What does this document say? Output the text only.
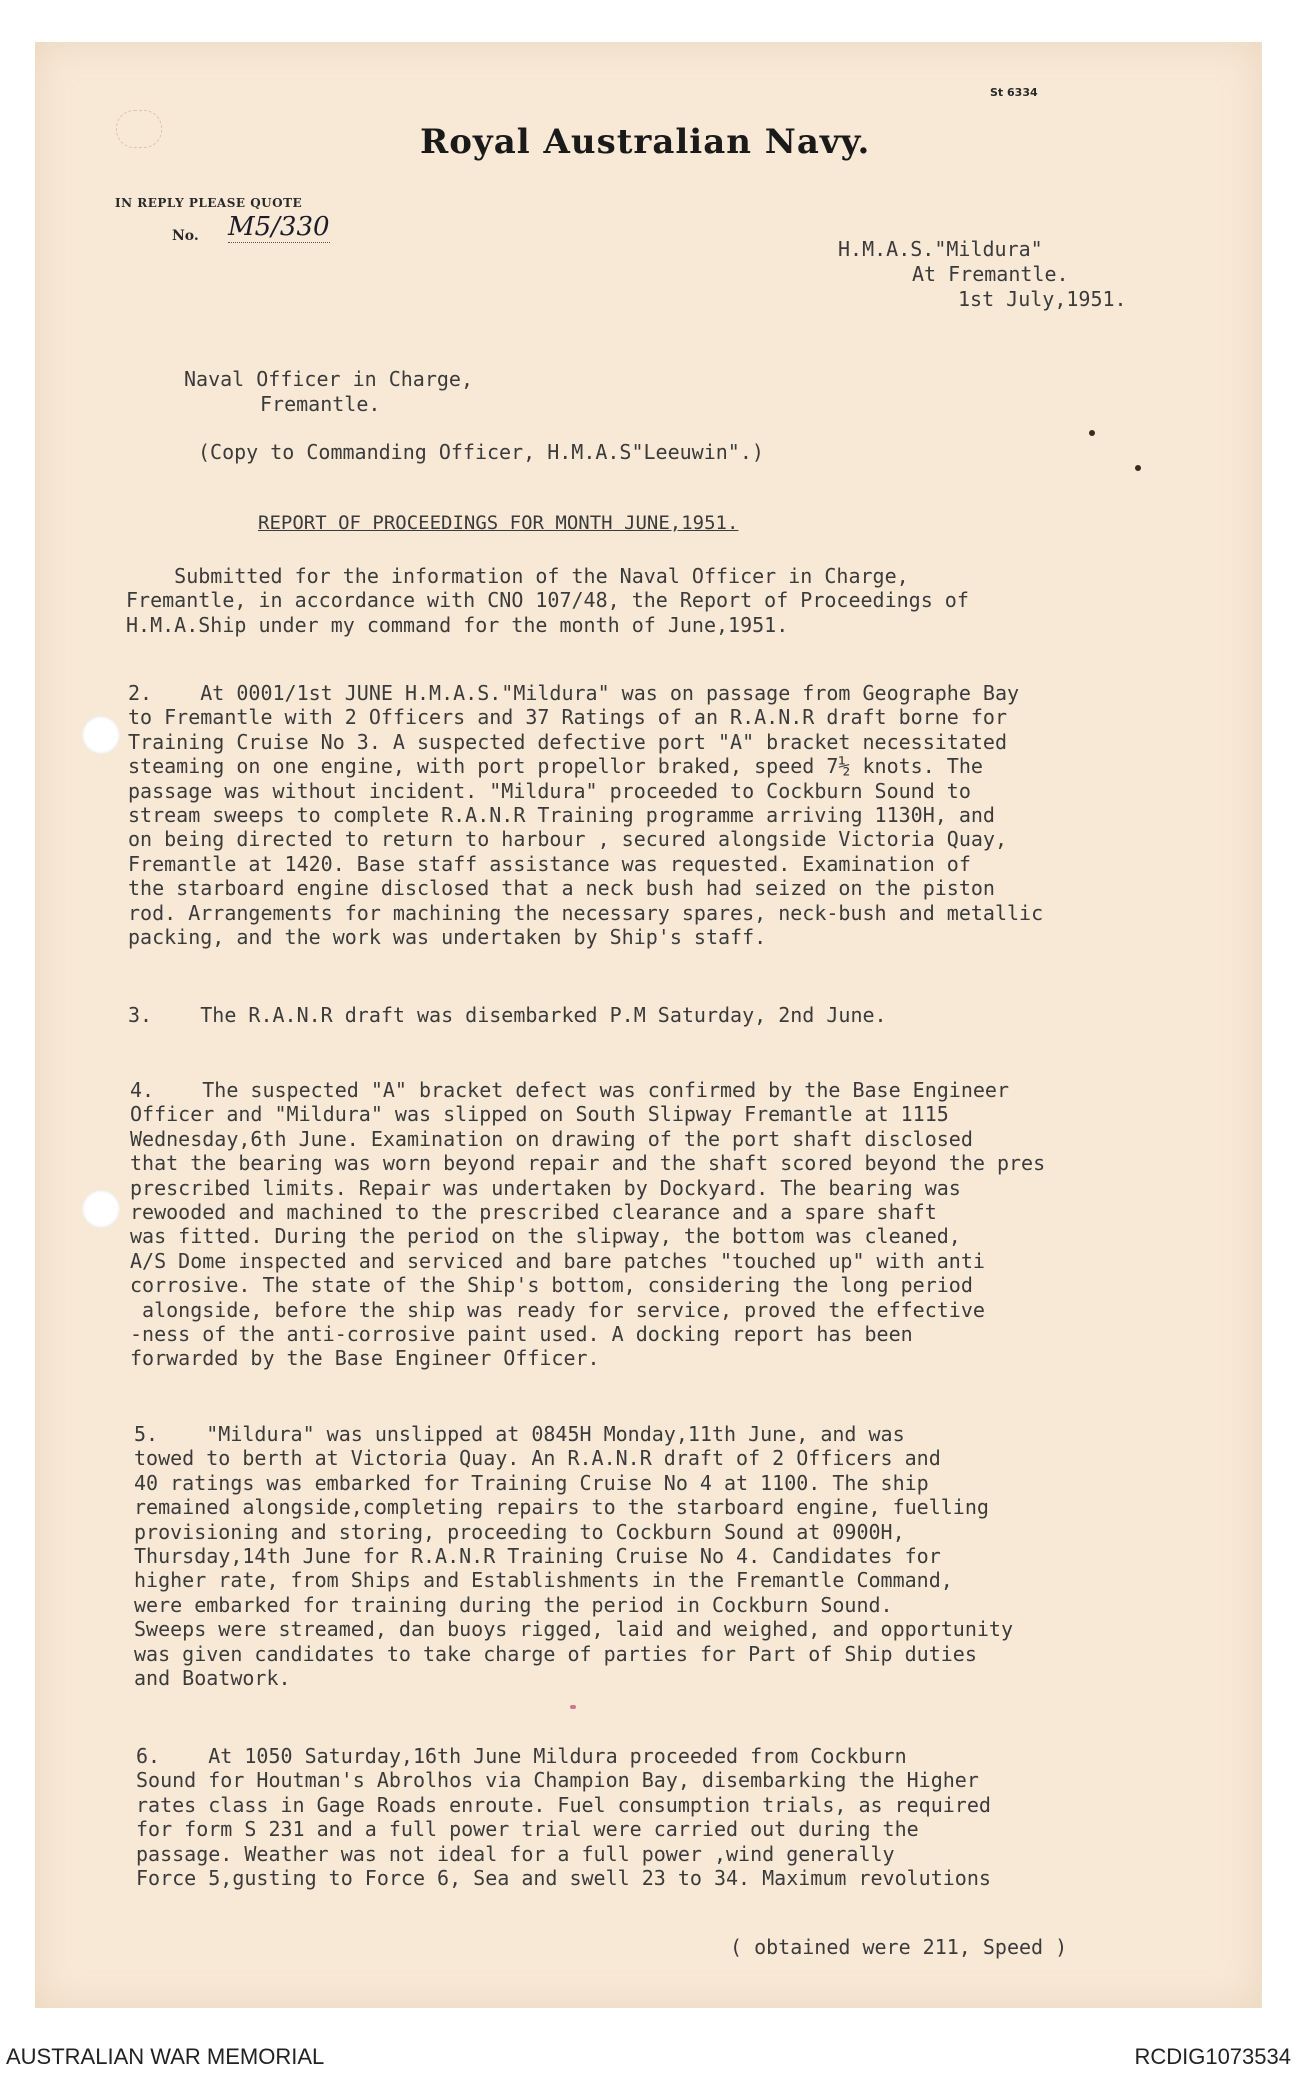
St 6334
Royal Australian Navy.
IN REPLY PLEASE QUOTE
No. M5/330
H.M.A.S."Mildura"
At Fremantle.
1st July,1951.
Naval Officer in Charge,
Fremantle.
(Copy to Commanding Officer, H.M.A.S"Leeuwin".)
REPORT OF PROCEEDINGS FOR MONTH JUNE,1951.
Submitted for the information of the Naval Officer in Charge,
Fremantle, in accordance with CNO 107/48, the Report of Proceedings of
H.M.A.Ship under my command for the month of June,1951.
2.    At 0001/1st JUNE H.M.A.S."Mildura" was on passage from Geographe Bay
to Fremantle with 2 Officers and 37 Ratings of an R.A.N.R draft borne for
Training Cruise No 3. A suspected defective port "A" bracket necessitated
steaming on one engine, with port propellor braked, speed 7½ knots. The
passage was without incident. "Mildura" proceeded to Cockburn Sound to
stream sweeps to complete R.A.N.R Training programme arriving 1130H, and
on being directed to return to harbour , secured alongside Victoria Quay,
Fremantle at 1420. Base staff assistance was requested. Examination of
the starboard engine disclosed that a neck bush had seized on the piston
rod. Arrangements for machining the necessary spares, neck-bush and metallic
packing, and the work was undertaken by Ship's staff.
3.    The R.A.N.R draft was disembarked P.M Saturday, 2nd June.
4.    The suspected "A" bracket defect was confirmed by the Base Engineer
Officer and "Mildura" was slipped on South Slipway Fremantle at 1115
Wednesday,6th June. Examination on drawing of the port shaft disclosed
that the bearing was worn beyond repair and the shaft scored beyond the pres
prescribed limits. Repair was undertaken by Dockyard. The bearing was
rewooded and machined to the prescribed clearance and a spare shaft
was fitted. During the period on the slipway, the bottom was cleaned,
A/S Dome inspected and serviced and bare patches "touched up" with anti
corrosive. The state of the Ship's bottom, considering the long period
alongside, before the ship was ready for service, proved the effective
-ness of the anti-corrosive paint used. A docking report has been
forwarded by the Base Engineer Officer.
5.    "Mildura" was unslipped at 0845H Monday,11th June, and was
towed to berth at Victoria Quay. An R.A.N.R draft of 2 Officers and
40 ratings was embarked for Training Cruise No 4 at 1100. The ship
remained alongside,completing repairs to the starboard engine, fuelling
provisioning and storing, proceeding to Cockburn Sound at 0900H,
Thursday,14th June for R.A.N.R Training Cruise No 4. Candidates for
higher rate, from Ships and Establishments in the Fremantle Command,
were embarked for training during the period in Cockburn Sound.
Sweeps were streamed, dan buoys rigged, laid and weighed, and opportunity
was given candidates to take charge of parties for Part of Ship duties
and Boatwork.
6.    At 1050 Saturday,16th June Mildura proceeded from Cockburn
Sound for Houtman's Abrolhos via Champion Bay, disembarking the Higher
rates class in Gage Roads enroute. Fuel consumption trials, as required
for form S 231 and a full power trial were carried out during the
passage. Weather was not ideal for a full power ,wind generally
Force 5,gusting to Force 6, Sea and swell 23 to 34. Maximum revolutions
( obtained were 211, Speed )
AUSTRALIAN WAR MEMORIAL	RCDIG1073534
